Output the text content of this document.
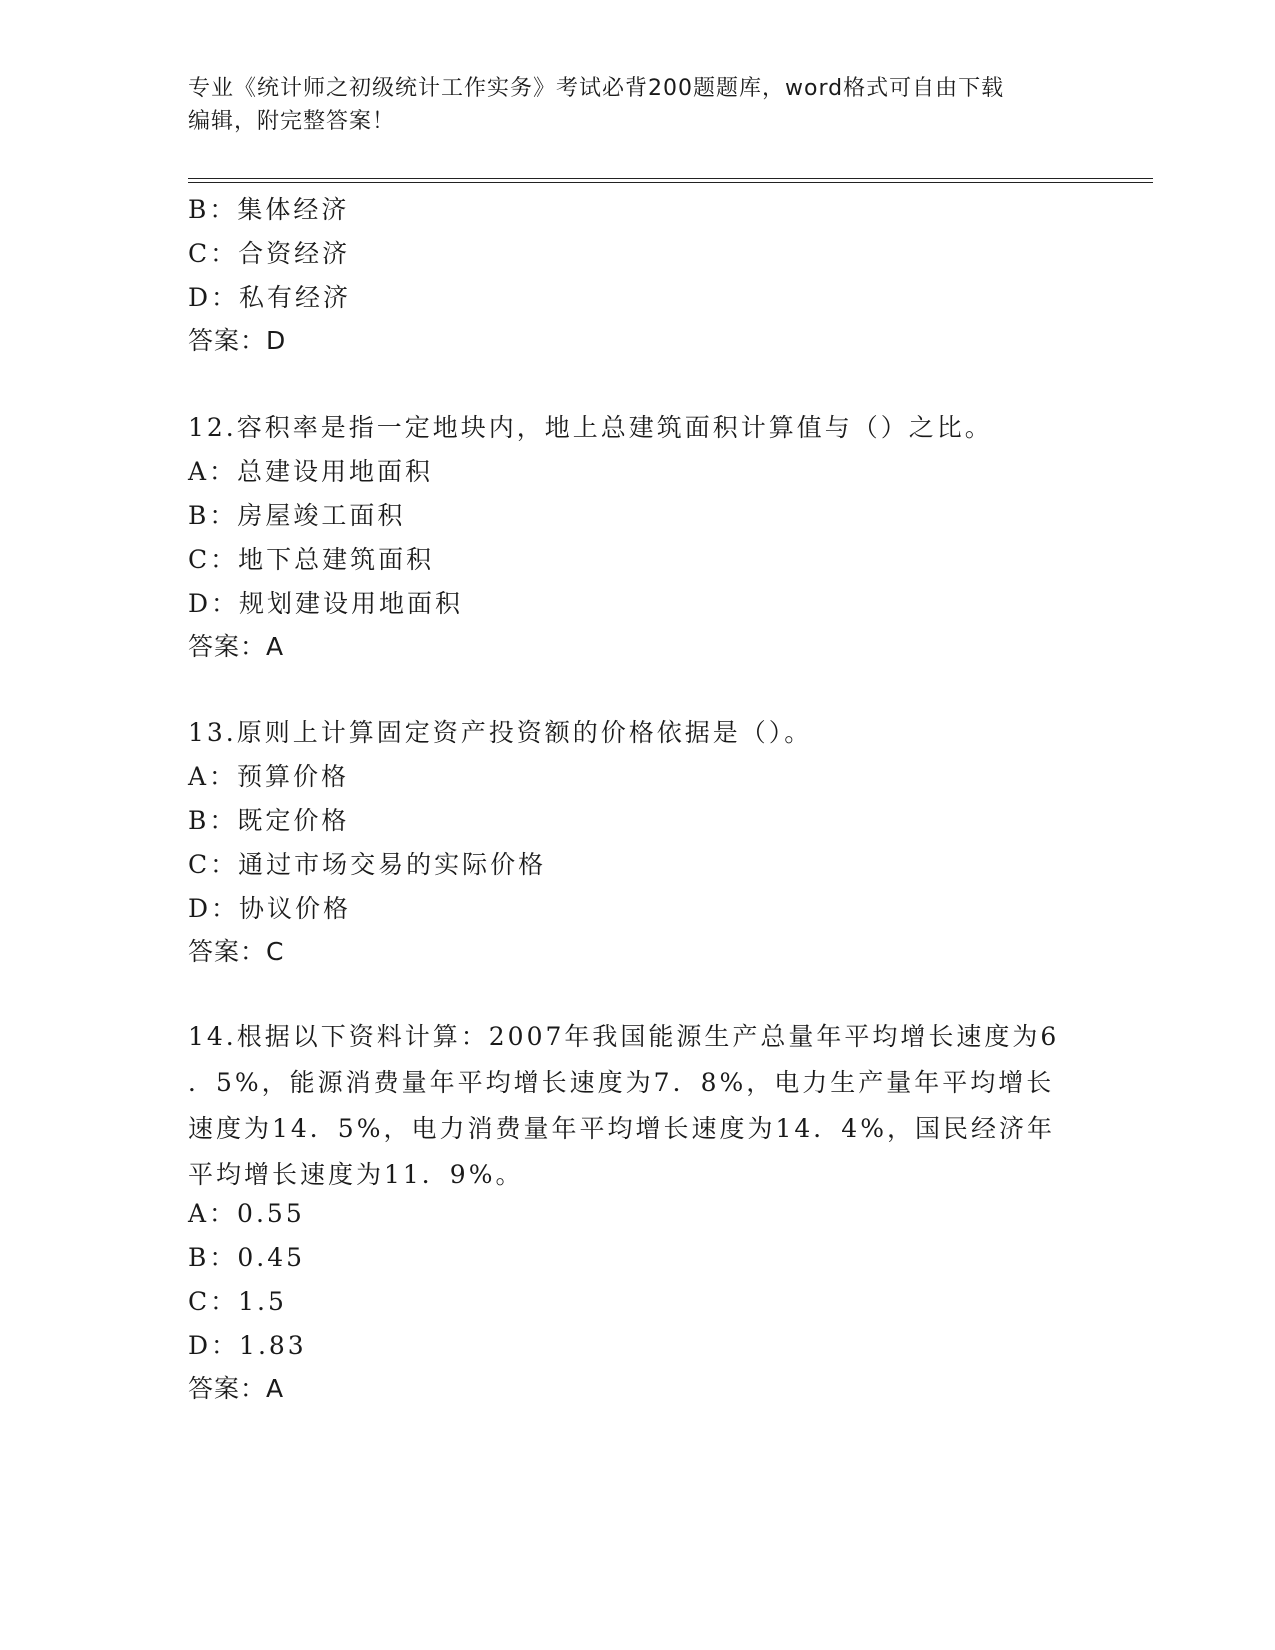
专业《统计师之初级统计工作实务》考试必背200题题库，word格式可自由下载
编辑，附完整答案！
B：集体经济
C：合资经济
D：私有经济
答案：D
12.容积率是指一定地块内，地上总建筑面积计算值与（）之比。
A：总建设用地面积
B：房屋竣工面积
C：地下总建筑面积
D：规划建设用地面积
答案：A
13.原则上计算固定资产投资额的价格依据是（）。
A：预算价格
B：既定价格
C：通过市场交易的实际价格
D：协议价格
答案：C
14.根据以下资料计算：2007年我国能源生产总量年平均增长速度为6
．5%，能源消费量年平均增长速度为7．8%，电力生产量年平均增长
速度为14．5%，电力消费量年平均增长速度为14．4%，国民经济年
平均增长速度为11．9%。
A：0.55
B：0.45
C：1.5
D：1.83
答案：A
